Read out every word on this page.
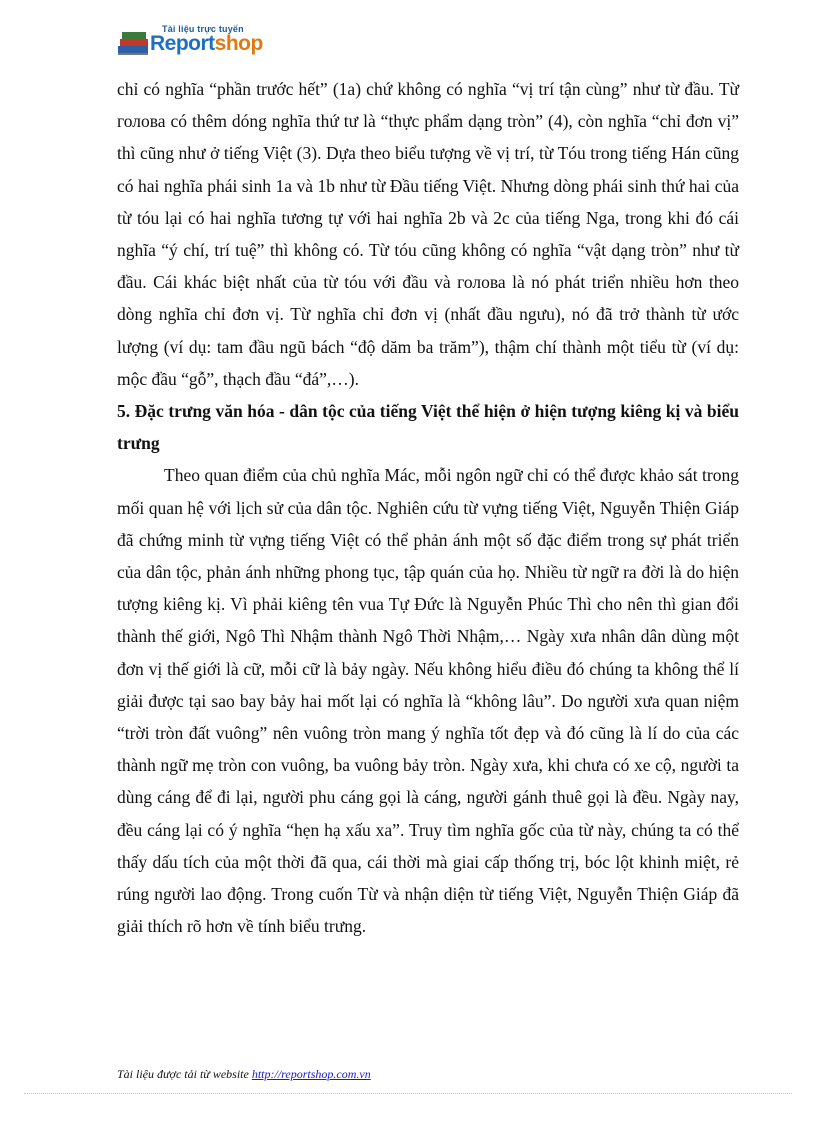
Tài liệu trực tuyến
Reportshop

chỉ có nghĩa “phần trước hết” (1a) chứ không có nghĩa “vị trí tận cùng” như từ đầu. Từ голова có thêm dóng nghĩa thứ tư là “thực phẩm dạng tròn” (4), còn nghĩa “chỉ đơn vị” thì cũng như ở tiếng Việt (3). Dựa theo biểu tượng về vị trí, từ Tóu trong tiếng Hán cũng có hai nghĩa phái sinh 1a và 1b như từ Đầu tiếng Việt. Nhưng dòng phái sinh thứ hai của từ tóu lại có hai nghĩa tương tự với hai nghĩa 2b và 2c của tiếng Nga, trong khi đó cái nghĩa “ý chí, trí tuệ” thì không có. Từ tóu cũng không có nghĩa “vật dạng tròn” như từ đầu. Cái khác biệt nhất của từ tóu với đầu và голова là nó phát triển nhiều hơn theo dòng nghĩa chỉ đơn vị. Từ nghĩa chỉ đơn vị (nhất đầu ngưu), nó đã trở thành từ ước lượng (ví dụ: tam đầu ngũ bách “độ dăm ba trăm”), thậm chí thành một tiểu từ (ví dụ: mộc đầu “gỗ”, thạch đầu “đá”,…).

5. Đặc trưng văn hóa - dân tộc của tiếng Việt thể hiện ở hiện tượng kiêng kị và biểu trưng

Theo quan điểm của chủ nghĩa Mác, mỗi ngôn ngữ chỉ có thể được khảo sát trong mối quan hệ với lịch sử của dân tộc. Nghiên cứu từ vựng tiếng Việt, Nguyễn Thiện Giáp đã chứng minh từ vựng tiếng Việt có thể phản ánh một số đặc điểm trong sự phát triển của dân tộc, phản ánh những phong tục, tập quán của họ. Nhiều từ ngữ ra đời là do hiện tượng kiêng kị. Vì phải kiêng tên vua Tự Đức là Nguyễn Phúc Thì cho nên thì gian đổi thành thế giới, Ngô Thì Nhậm thành Ngô Thời Nhậm,… Ngày xưa nhân dân dùng một đơn vị thế giới là cữ, mỗi cữ là bảy ngày. Nếu không hiểu điều đó chúng ta không thể lí giải được tại sao bay bảy hai mốt lại có nghĩa là “không lâu”. Do người xưa quan niệm “trời tròn đất vuông” nên vuông tròn mang ý nghĩa tốt đẹp và đó cũng là lí do của các thành ngữ mẹ tròn con vuông, ba vuông bảy tròn. Ngày xưa, khi chưa có xe cộ, người ta dùng cáng để đi lại, người phu cáng gọi là cáng, người gánh thuê gọi là đều. Ngày nay, đều cáng lại có ý nghĩa “hẹn hạ xấu xa”. Truy tìm nghĩa gốc của từ này, chúng ta có thể thấy dấu tích của một thời đã qua, cái thời mà giai cấp thống trị, bóc lột khinh miệt, rẻ rúng người lao động. Trong cuốn Từ và nhận diện từ tiếng Việt, Nguyễn Thiện Giáp đã giải thích rõ hơn về tính biểu trưng.

Tài liệu được tải từ website http://reportshop.com.vn
